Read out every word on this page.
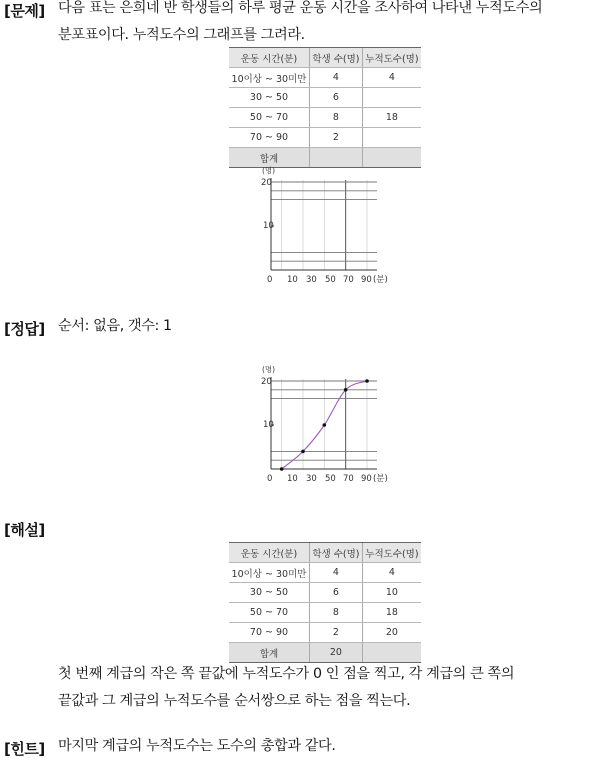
[문제] 다음 표는 은희네 반 학생들의 하루 평균 운동 시간을 조사하여 나타낸 누적도수의
분포표이다. 누적도수의 그래프를 그려라.
운동 시간(분)	학생 수(명)	누적도수(명)
10이상 ~ 30미만	4	4
30 ~ 50	6	
50 ~ 70	8	18
70 ~ 90	2	
합계		
(명)
20
10
0 10 30 50 70 90 (분)
[정답] 순서: 없음, 갯수: 1
(명)
20
10
0 10 30 50 70 90 (분)
[해설]
운동 시간(분)	학생 수(명)	누적도수(명)
10이상 ~ 30미만	4	4
30 ~ 50	6	10
50 ~ 70	8	18
70 ~ 90	2	20
합계	20	
첫 번째 계급의 작은 쪽 끝값에 누적도수가 0 인 점을 찍고, 각 계급의 큰 쪽의
끝값과 그 계급의 누적도수를 순서쌍으로 하는 점을 찍는다.
[힌트] 마지막 계급의 누적도수는 도수의 총합과 같다.
